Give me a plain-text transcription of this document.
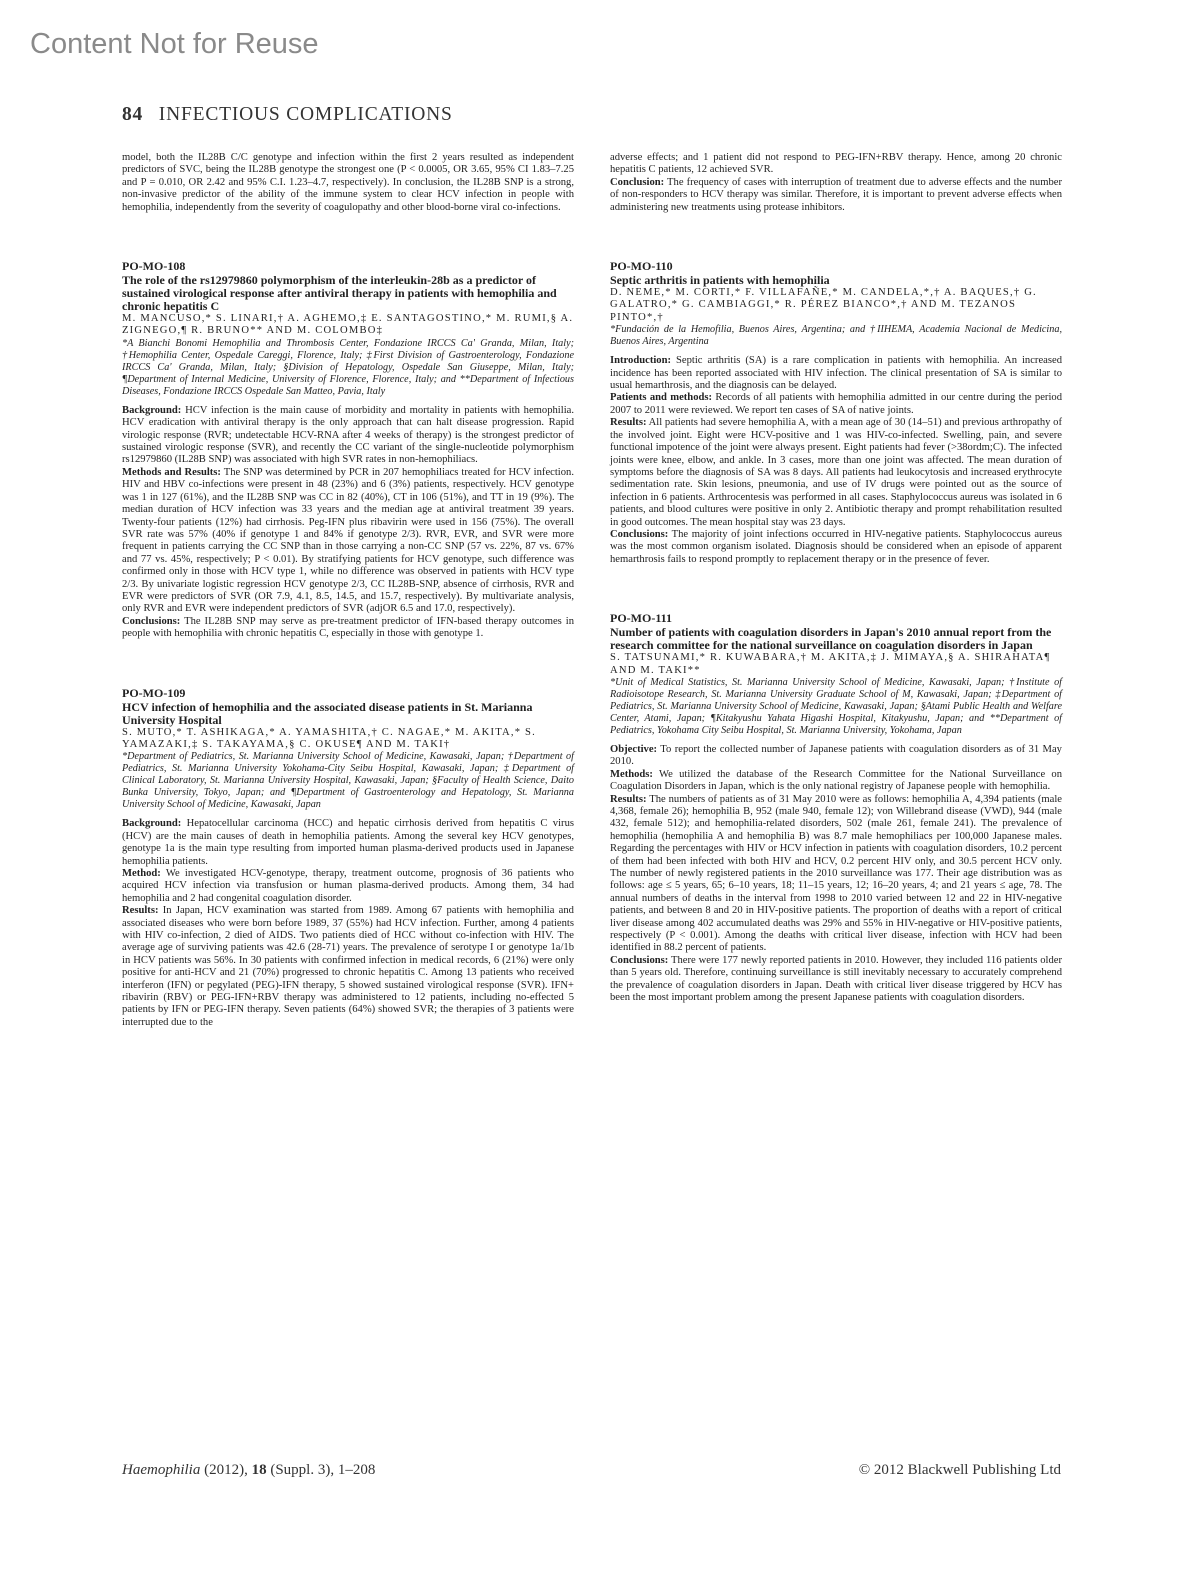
Content Not for Reuse
84 INFECTIOUS COMPLICATIONS

model, both the IL28B C/C genotype and infection within the first 2 years resulted as independent predictors of SVC, being the IL28B genotype the strongest one (P < 0.0005, OR 3.65, 95% CI 1.83–7.25 and P = 0.010, OR 2.42 and 95% C.I. 1.23–4.7, respectively). In conclusion, the IL28B SNP is a strong, non-invasive predictor of the ability of the immune system to clear HCV infection in people with hemophilia, independently from the severity of coagulopathy and other blood-borne viral co-infections.

PO-MO-108
The role of the rs12979860 polymorphism of the interleukin-28b as a predictor of sustained virological response after antiviral therapy in patients with hemophilia and chronic hepatitis C
M. MANCUSO,* S. LINARI,† A. AGHEMO,‡ E. SANTAGOSTINO,* M. RUMI,§ A. ZIGNEGO,¶ R. BRUNO** AND M. COLOMBO‡
*A Bianchi Bonomi Hemophilia and Thrombosis Center, Fondazione IRCCS Ca' Granda, Milan, Italy; †Hemophilia Center, Ospedale Careggi, Florence, Italy; ‡First Division of Gastroenterology, Fondazione IRCCS Ca' Granda, Milan, Italy; §Division of Hepatology, Ospedale San Giuseppe, Milan, Italy; ¶Department of Internal Medicine, University of Florence, Florence, Italy; and **Department of Infectious Diseases, Fondazione IRCCS Ospedale San Matteo, Pavia, Italy

Background: HCV infection is the main cause of morbidity and mortality in patients with hemophilia. HCV eradication with antiviral therapy is the only approach that can halt disease progression. Rapid virologic response (RVR; undetectable HCV-RNA after 4 weeks of therapy) is the strongest predictor of sustained virologic response (SVR), and recently the CC variant of the single-nucleotide polymorphism rs12979860 (IL28B SNP) was associated with high SVR rates in non-hemophiliacs.

Methods and Results: The SNP was determined by PCR in 207 hemophiliacs treated for HCV infection. HIV and HBV co-infections were present in 48 (23%) and 6 (3%) patients, respectively. HCV genotype was 1 in 127 (61%), and the IL28B SNP was CC in 82 (40%), CT in 106 (51%), and TT in 19 (9%). The median duration of HCV infection was 33 years and the median age at antiviral treatment 39 years. Twenty-four patients (12%) had cirrhosis. Peg-IFN plus ribavirin were used in 156 (75%). The overall SVR rate was 57% (40% if genotype 1 and 84% if genotype 2/3). RVR, EVR, and SVR were more frequent in patients carrying the CC SNP than in those carrying a non-CC SNP (57 vs. 22%, 87 vs. 67% and 77 vs. 45%, respectively; P < 0.01). By stratifying patients for HCV genotype, such difference was confirmed only in those with HCV type 1, while no difference was observed in patients with HCV type 2/3. By univariate logistic regression HCV genotype 2/3, CC IL28B-SNP, absence of cirrhosis, RVR and EVR were predictors of SVR (OR 7.9, 4.1, 8.5, 14.5, and 15.7, respectively). By multivariate analysis, only RVR and EVR were independent predictors of SVR (adjOR 6.5 and 17.0, respectively).

Conclusions: The IL28B SNP may serve as pre-treatment predictor of IFN-based therapy outcomes in people with hemophilia with chronic hepatitis C, especially in those with genotype 1.

PO-MO-109
HCV infection of hemophilia and the associated disease patients in St. Marianna University Hospital
S. MUTO,* T. ASHIKAGA,* A. YAMASHITA,† C. NAGAE,* M. AKITA,* S. YAMAZAKI,‡ S. TAKAYAMA,§ C. OKUSE¶ AND M. TAKI†
*Department of Pediatrics, St. Marianna University School of Medicine, Kawasaki, Japan; †Department of Pediatrics, St. Marianna University Yokohama-City Seibu Hospital, Kawasaki, Japan; ‡Department of Clinical Laboratory, St. Marianna University Hospital, Kawasaki, Japan; §Faculty of Health Science, Daito Bunka University, Tokyo, Japan; and ¶Department of Gastroenterology and Hepatology, St. Marianna University School of Medicine, Kawasaki, Japan

Background: Hepatocellular carcinoma (HCC) and hepatic cirrhosis derived from hepatitis C virus (HCV) are the main causes of death in hemophilia patients. Among the several key HCV genotypes, genotype 1a is the main type resulting from imported human plasma-derived products used in Japanese hemophilia patients.

Method: We investigated HCV-genotype, therapy, treatment outcome, prognosis of 36 patients who acquired HCV infection via transfusion or human plasma-derived products. Among them, 34 had hemophilia and 2 had congenital coagulation disorder.

Results: In Japan, HCV examination was started from 1989. Among 67 patients with hemophilia and associated diseases who were born before 1989, 37 (55%) had HCV infection. Further, among 4 patients with HIV co-infection, 2 died of AIDS. Two patients died of HCC without co-infection with HIV. The average age of surviving patients was 42.6 (28-71) years. The prevalence of serotype I or genotype 1a/1b in HCV patients was 56%. In 30 patients with confirmed infection in medical records, 6 (21%) were only positive for anti-HCV and 21 (70%) progressed to chronic hepatitis C. Among 13 patients who received interferon (IFN) or pegylated (PEG)-IFN therapy, 5 showed sustained virological response (SVR). IFN+ ribavirin (RBV) or PEG-IFN+RBV therapy was administered to 12 patients, including no-effected 5 patients by IFN or PEG-IFN therapy. Seven patients (64%) showed SVR; the therapies of 3 patients were interrupted due to the

adverse effects; and 1 patient did not respond to PEG-IFN+RBV therapy. Hence, among 20 chronic hepatitis C patients, 12 achieved SVR.

Conclusion: The frequency of cases with interruption of treatment due to adverse effects and the number of non-responders to HCV therapy was similar. Therefore, it is important to prevent adverse effects when administering new treatments using protease inhibitors.

PO-MO-110
Septic arthritis in patients with hemophilia
D. NEME,* M. CORTI,* F. VILLAFAÑE,* M. CANDELA,*,† A. BAQUES,† G. GALATRO,* G. CAMBIAGGI,* R. PÉREZ BIANCO*,† AND M. TEZANOS PINTO*,†
*Fundación de la Hemofilia, Buenos Aires, Argentina; and †IIHEMA, Academia Nacional de Medicina, Buenos Aires, Argentina

Introduction: Septic arthritis (SA) is a rare complication in patients with hemophilia. An increased incidence has been reported associated with HIV infection. The clinical presentation of SA is similar to usual hemarthrosis, and the diagnosis can be delayed.

Patients and methods: Records of all patients with hemophilia admitted in our centre during the period 2007 to 2011 were reviewed. We report ten cases of SA of native joints.

Results: All patients had severe hemophilia A, with a mean age of 30 (14–51) and previous arthropathy of the involved joint. Eight were HCV-positive and 1 was HIV-co-infected. Swelling, pain, and severe functional impotence of the joint were always present. Eight patients had fever (>38ordm;C). The infected joints were knee, elbow, and ankle. In 3 cases, more than one joint was affected. The mean duration of symptoms before the diagnosis of SA was 8 days. All patients had leukocytosis and increased erythrocyte sedimentation rate. Skin lesions, pneumonia, and use of IV drugs were pointed out as the source of infection in 6 patients. Arthrocentesis was performed in all cases. Staphylococcus aureus was isolated in 6 patients, and blood cultures were positive in only 2. Antibiotic therapy and prompt rehabilitation resulted in good outcomes. The mean hospital stay was 23 days.

Conclusions: The majority of joint infections occurred in HIV-negative patients. Staphylococcus aureus was the most common organism isolated. Diagnosis should be considered when an episode of apparent hemarthrosis fails to respond promptly to replacement therapy or in the presence of fever.

PO-MO-111
Number of patients with coagulation disorders in Japan's 2010 annual report from the research committee for the national surveillance on coagulation disorders in Japan
S. TATSUNAMI,* R. KUWABARA,† M. AKITA,‡ J. MIMAYA,§ A. SHIRAHATA¶ AND M. TAKI**
*Unit of Medical Statistics, St. Marianna University School of Medicine, Kawasaki, Japan; †Institute of Radioisotope Research, St. Marianna University Graduate School of M, Kawasaki, Japan; ‡Department of Pediatrics, St. Marianna University School of Medicine, Kawasaki, Japan; §Atami Public Health and Welfare Center, Atami, Japan; ¶Kitakyushu Yahata Higashi Hospital, Kitakyushu, Japan; and **Department of Pediatrics, Yokohama City Seibu Hospital, St. Marianna University, Yokohama, Japan

Objective: To report the collected number of Japanese patients with coagulation disorders as of 31 May 2010.

Methods: We utilized the database of the Research Committee for the National Surveillance on Coagulation Disorders in Japan, which is the only national registry of Japanese people with hemophilia.

Results: The numbers of patients as of 31 May 2010 were as follows: hemophilia A, 4,394 patients (male 4,368, female 26); hemophilia B, 952 (male 940, female 12); von Willebrand disease (VWD), 944 (male 432, female 512); and hemophilia-related disorders, 502 (male 261, female 241). The prevalence of hemophilia (hemophilia A and hemophilia B) was 8.7 male hemophiliacs per 100,000 Japanese males. Regarding the percentages with HIV or HCV infection in patients with coagulation disorders, 10.2 percent of them had been infected with both HIV and HCV, 0.2 percent HIV only, and 30.5 percent HCV only. The number of newly registered patients in the 2010 surveillance was 177. Their age distribution was as follows: age ≤ 5 years, 65; 6–10 years, 18; 11–15 years, 12; 16–20 years, 4; and 21 years ≤ age, 78. The annual numbers of deaths in the interval from 1998 to 2010 varied between 12 and 22 in HIV-negative patients, and between 8 and 20 in HIV-positive patients. The proportion of deaths with a report of critical liver disease among 402 accumulated deaths was 29% and 55% in HIV-negative or HIV-positive patients, respectively (P < 0.001). Among the deaths with critical liver disease, infection with HCV had been identified in 88.2 percent of patients.

Conclusions: There were 177 newly reported patients in 2010. However, they included 116 patients older than 5 years old. Therefore, continuing surveillance is still inevitably necessary to accurately comprehend the prevalence of coagulation disorders in Japan. Death with critical liver disease triggered by HCV has been the most important problem among the present Japanese patients with coagulation disorders.

Haemophilia (2012), 18 (Suppl. 3), 1–208	© 2012 Blackwell Publishing Ltd
